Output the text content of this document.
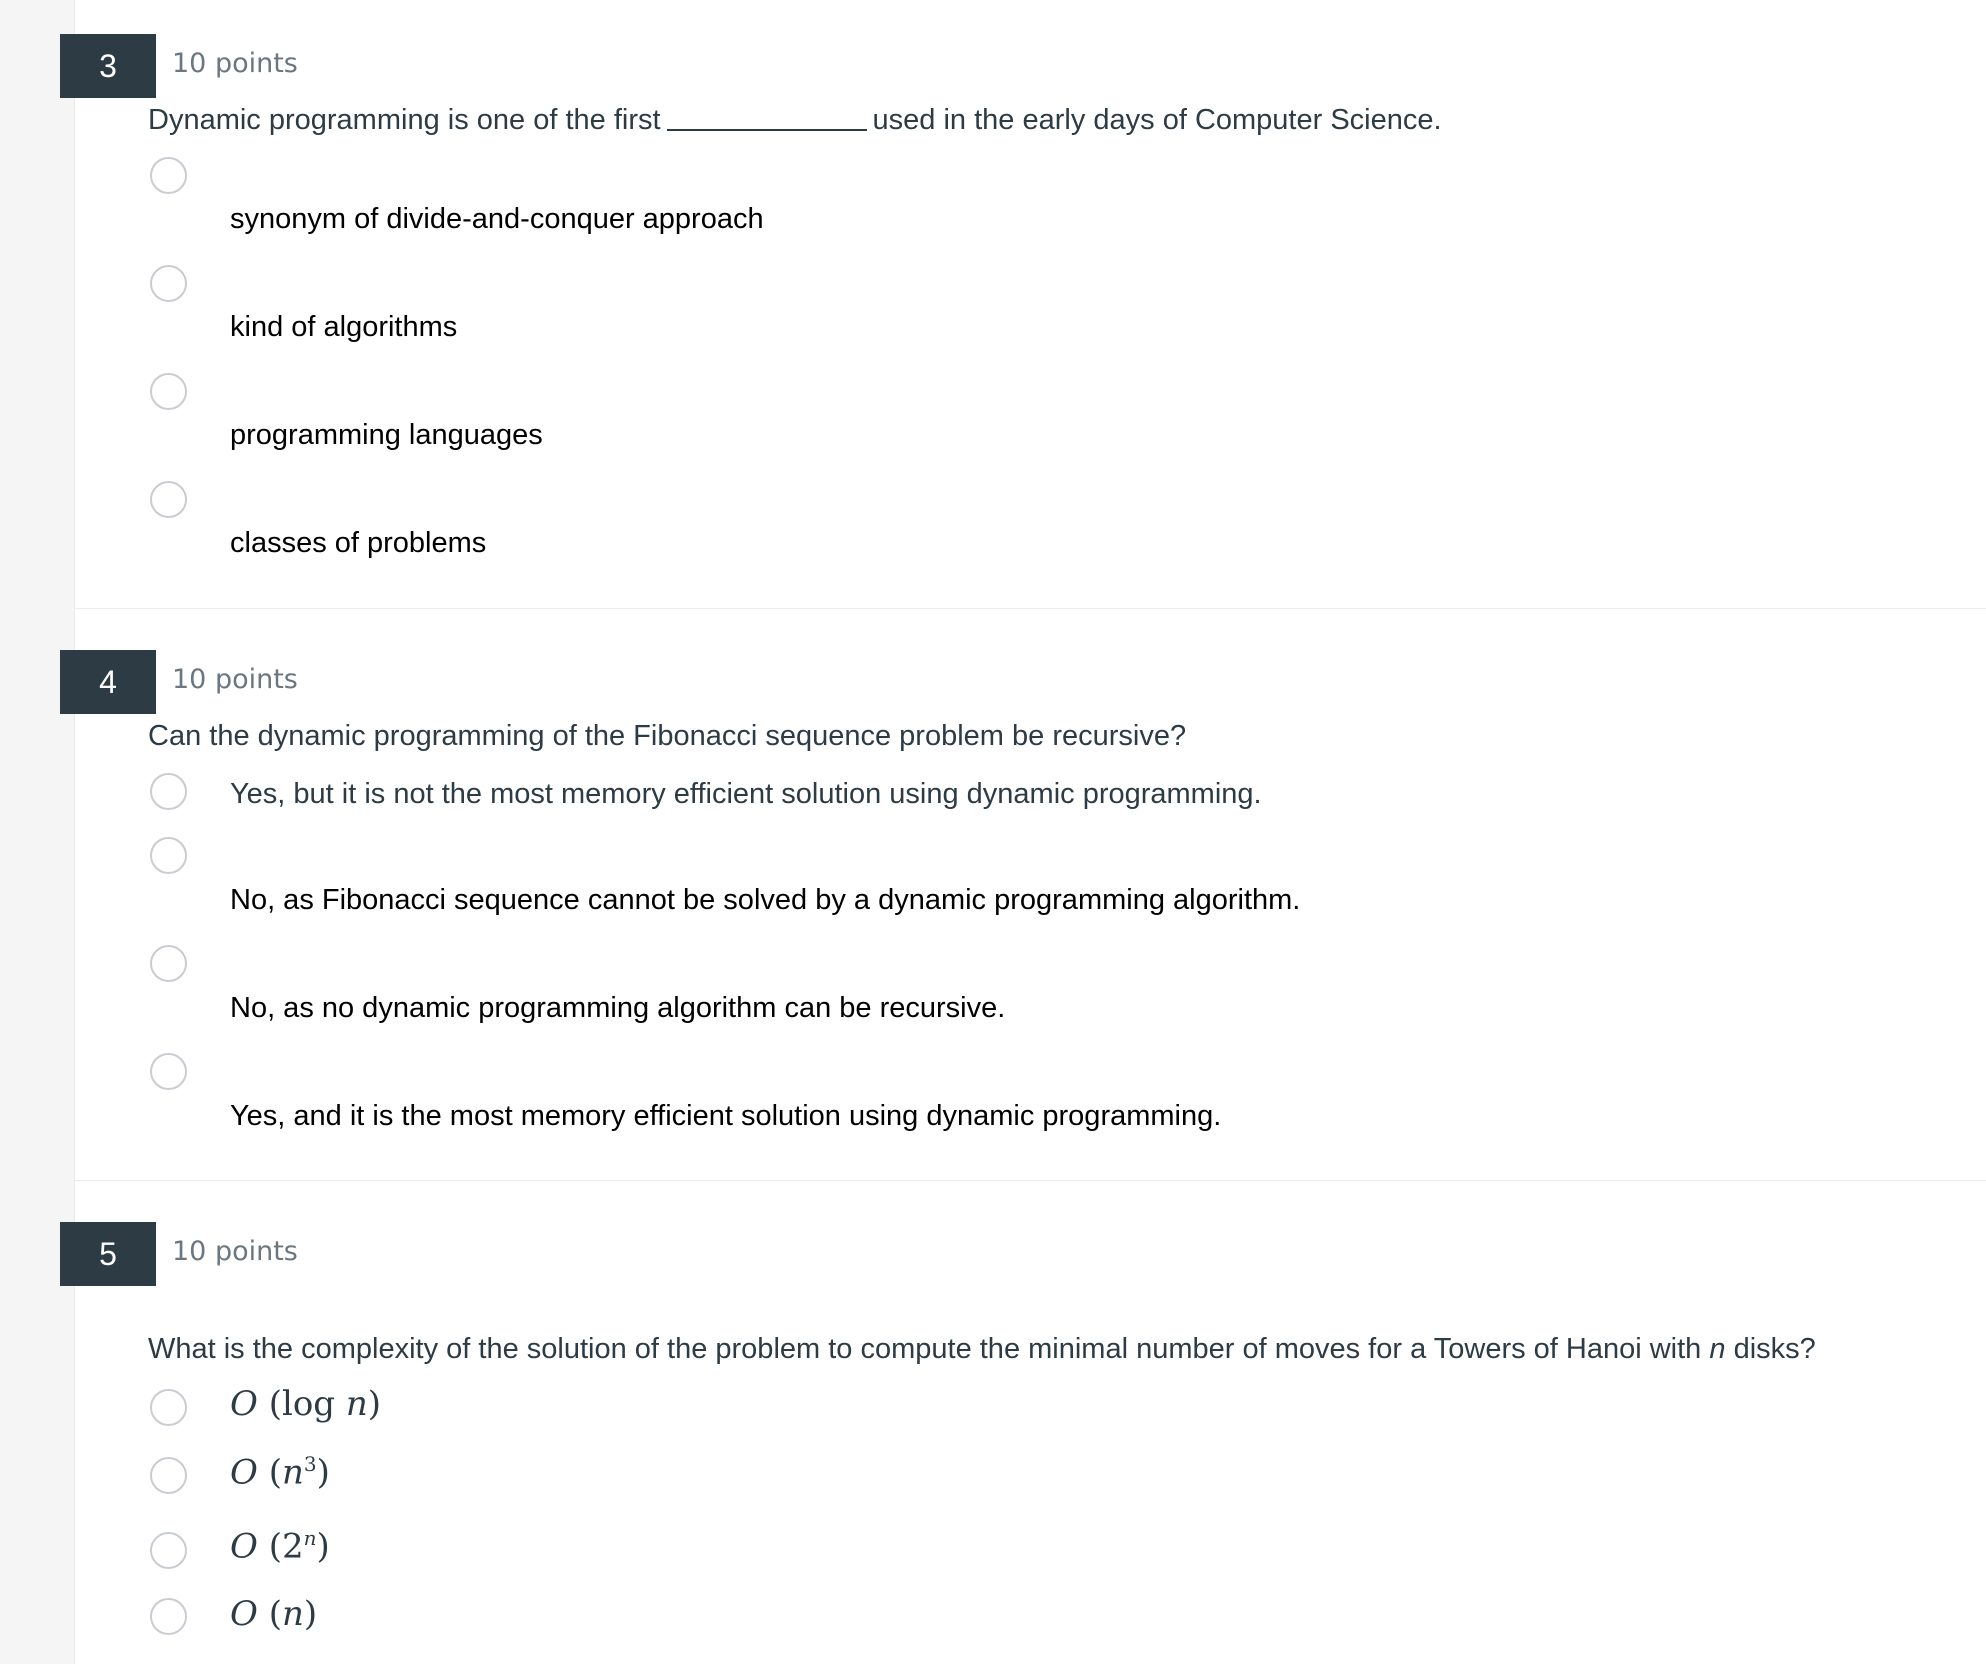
3	10 points
Dynamic programming is one of the first	used in the early days of Computer Science.
synonym of divide-and-conquer approach
kind of algorithms
programming languages
classes of problems
4	10 points
Can the dynamic programming of the Fibonacci sequence problem be recursive?
Yes, but it is not the most memory efficient solution using dynamic programming.
No, as Fibonacci sequence cannot be solved by a dynamic programming algorithm.
No, as no dynamic programming algorithm can be recursive.
Yes, and it is the most memory efficient solution using dynamic programming.
5	10 points
What is the complexity of the solution of the problem to compute the minimal number of moves for a Towers of Hanoi with n disks?
O (log n)
O $(n^3)$
O (2$^n$)
O (n)
